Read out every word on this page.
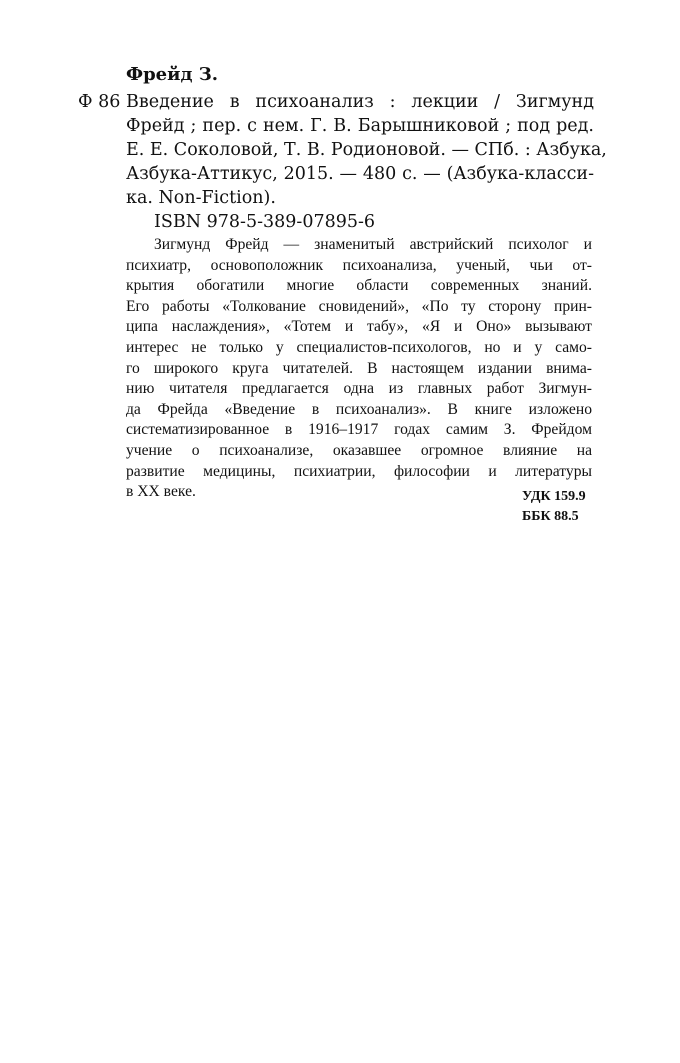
Фрейд З.
Ф 86 Введение в психоанализ : лекции / Зигмунд
Фрейд ; пер. с нем. Г. В. Барышниковой ; под ред.
Е. Е. Соколовой, Т. В. Родионовой. — СПб. : Азбука,
Азбука-Аттикус, 2015. — 480 с. — (Азбука-класси-
ка. Non-Fiction).
ISBN 978-5-389-07895-6
Зигмунд Фрейд — знаменитый австрийский психолог и
психиатр, основоположник психоанализа, ученый, чьи от-
крытия обогатили многие области современных знаний.
Его работы «Толкование сновидений», «По ту сторону прин-
ципа наслаждения», «Тотем и табу», «Я и Оно» вызывают
интерес не только у специалистов-психологов, но и у само-
го широкого круга читателей. В настоящем издании внима-
нию читателя предлагается одна из главных работ Зигмун-
да Фрейда «Введение в психоанализ». В книге изложено
систематизированное в 1916–1917 годах самим З. Фрейдом
учение о психоанализе, оказавшее огромное влияние на
развитие медицины, психиатрии, философии и литературы
в XX веке.	УДК 159.9
ББК 88.5
